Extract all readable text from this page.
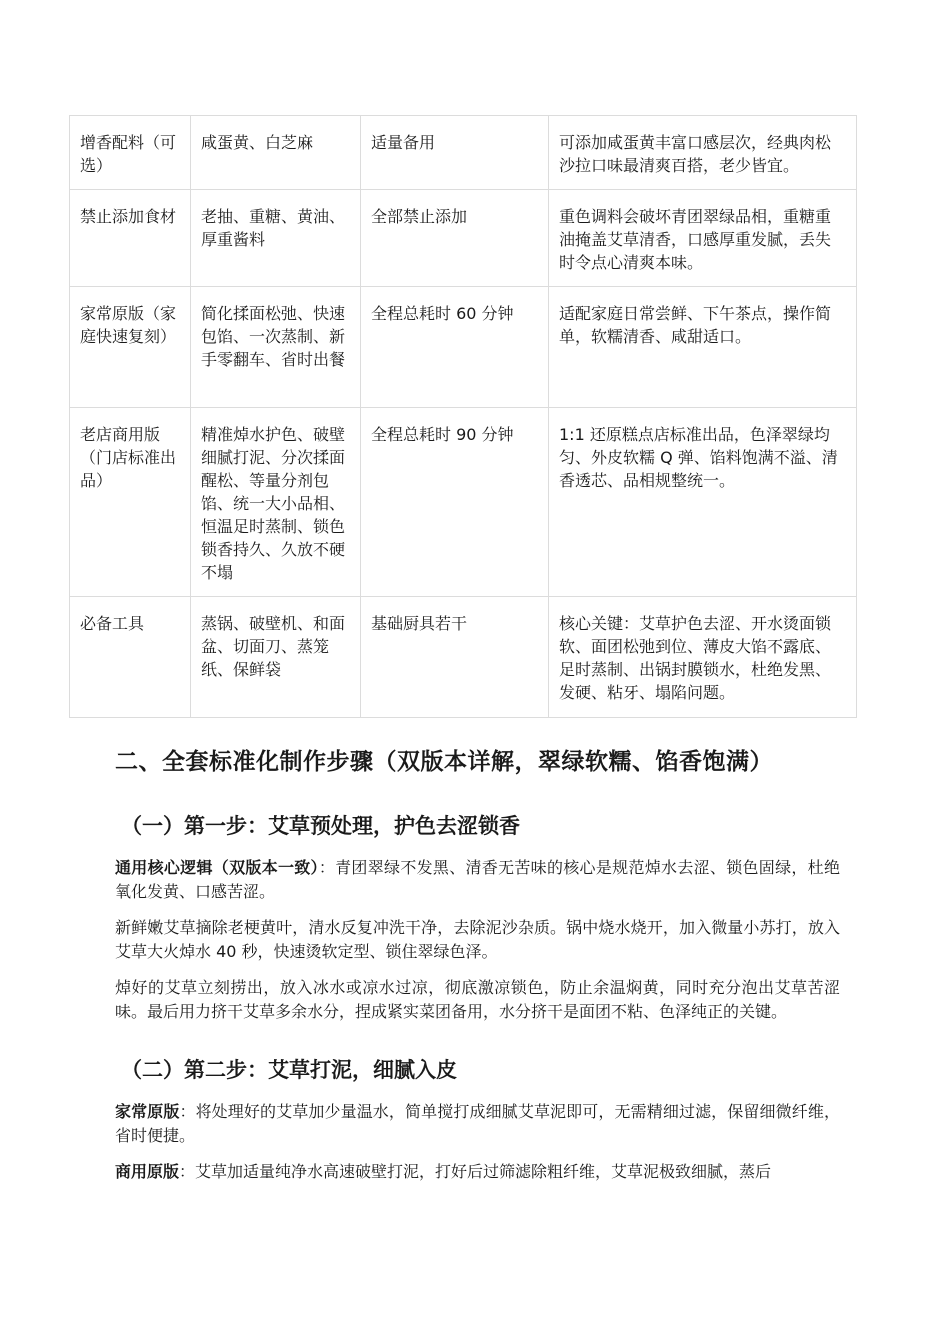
增香配料（可选）	咸蛋黄、白芝麻	适量备用	可添加咸蛋黄丰富口感层次，经典肉松沙拉口味最清爽百搭，老少皆宜。
禁止添加食材	老抽、重糖、黄油、厚重酱料	全部禁止添加	重色调料会破坏青团翠绿品相，重糖重油掩盖艾草清香，口感厚重发腻，丢失时令点心清爽本味。
家常原版（家庭快速复刻）	简化揉面松弛、快速包馅、一次蒸制、新手零翻车、省时出餐	全程总耗时 60 分钟	适配家庭日常尝鲜、下午茶点，操作简单，软糯清香、咸甜适口。
老店商用版（门店标准出品）	精准焯水护色、破壁细腻打泥、分次揉面醒松、等量分剂包馅、统一大小品相、恒温足时蒸制、锁色锁香持久、久放不硬不塌	全程总耗时 90 分钟	1:1 还原糕点店标准出品，色泽翠绿均匀、外皮软糯 Q 弹、馅料饱满不溢、清香透芯、品相规整统一。
必备工具	蒸锅、破壁机、和面盆、切面刀、蒸笼纸、保鲜袋	基础厨具若干	核心关键：艾草护色去涩、开水烫面锁软、面团松弛到位、薄皮大馅不露底、足时蒸制、出锅封膜锁水，杜绝发黑、发硬、粘牙、塌陷问题。
二、全套标准化制作步骤（双版本详解，翠绿软糯、馅香饱满）
（一）第一步：艾草预处理，护色去涩锁香

通用核心逻辑（双版本一致）：青团翠绿不发黑、清香无苦味的核心是规范焯水去涩、锁色固绿，杜绝氧化发黄、口感苦涩。

新鲜嫩艾草摘除老梗黄叶，清水反复冲洗干净，去除泥沙杂质。锅中烧水烧开，加入微量小苏打，放入艾草大火焯水 40 秒，快速烫软定型、锁住翠绿色泽。

焯好的艾草立刻捞出，放入冰水或凉水过凉，彻底激凉锁色，防止余温焖黄，同时充分泡出艾草苦涩味。最后用力挤干艾草多余水分，捏成紧实菜团备用，水分挤干是面团不粘、色泽纯正的关键。

（二）第二步：艾草打泥，细腻入皮

家常原版：将处理好的艾草加少量温水，简单搅打成细腻艾草泥即可，无需精细过滤，保留细微纤维，省时便捷。

商用原版：艾草加适量纯净水高速破壁打泥，打好后过筛滤除粗纤维，艾草泥极致细腻，蒸后
